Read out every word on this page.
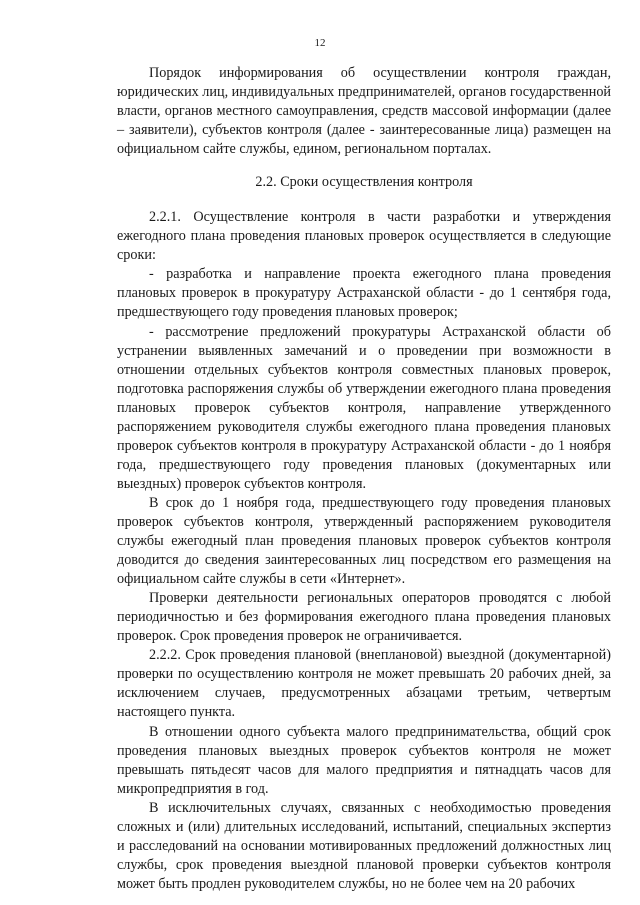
12

Порядок информирования об осуществлении контроля граждан, юридических лиц, индивидуальных предпринимателей, органов государственной власти, органов местного самоуправления, средств массовой информации (далее – заявители), субъектов контроля (далее - заинтересованные лица) размещен на официальном сайте службы, едином, региональном порталах.

2.2. Сроки осуществления контроля

2.2.1. Осуществление контроля в части разработки и утверждения ежегодного плана проведения плановых проверок осуществляется в следующие сроки:

- разработка и направление проекта ежегодного плана проведения плановых проверок в прокуратуру Астраханской области - до 1 сентября года, предшествующего году проведения плановых проверок;

- рассмотрение предложений прокуратуры Астраханской области об устранении выявленных замечаний и о проведении при возможности в отношении отдельных субъектов контроля совместных плановых проверок, подготовка распоряжения службы об утверждении ежегодного плана проведения плановых проверок субъектов контроля, направление утвержденного распоряжением руководителя службы ежегодного плана проведения плановых проверок субъектов контроля в прокуратуру Астраханской области - до 1 ноября года, предшествующего году проведения плановых (документарных или выездных) проверок субъектов контроля.

В срок до 1 ноября года, предшествующего году проведения плановых проверок субъектов контроля, утвержденный распоряжением руководителя службы ежегодный план проведения плановых проверок субъектов контроля доводится до сведения заинтересованных лиц посредством его размещения на официальном сайте службы в сети «Интернет».

Проверки деятельности региональных операторов проводятся с любой периодичностью и без формирования ежегодного плана проведения плановых проверок. Срок проведения проверок не ограничивается.

2.2.2. Срок проведения плановой (внеплановой) выездной (документарной) проверки по осуществлению контроля не может превышать 20 рабочих дней, за исключением случаев, предусмотренных абзацами третьим, четвертым настоящего пункта.

В отношении одного субъекта малого предпринимательства, общий срок проведения плановых выездных проверок субъектов контроля не может превышать пятьдесят часов для малого предприятия и пятнадцать часов для микропредприятия в год.

В исключительных случаях, связанных с необходимостью проведения сложных и (или) длительных исследований, испытаний, специальных экспертиз и расследований на основании мотивированных предложений должностных лиц службы, срок проведения выездной плановой проверки субъектов контроля может быть продлен руководителем службы, но не более чем на 20 рабочих
